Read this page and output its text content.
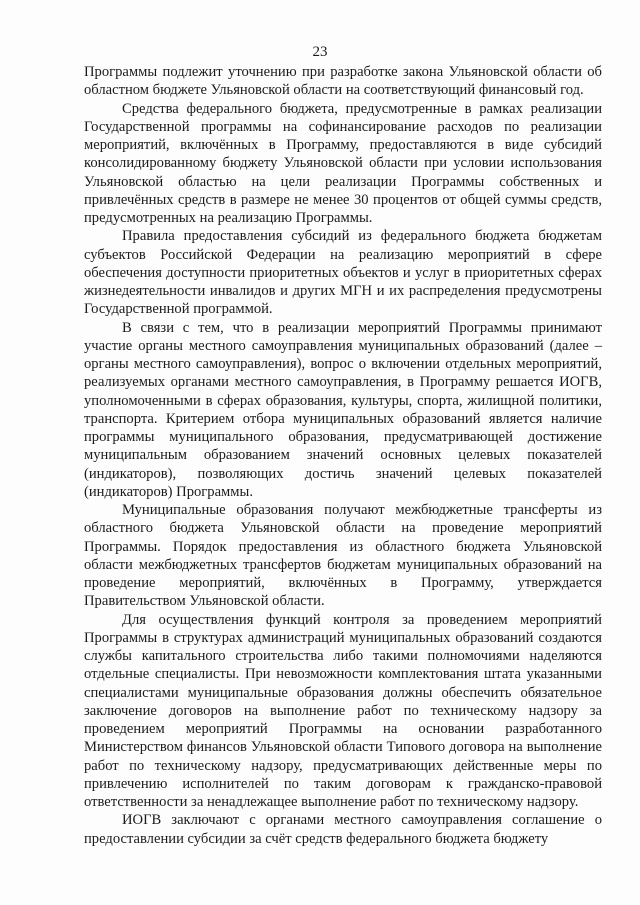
23

Программы подлежит уточнению при разработке закона Ульяновской области об областном бюджете Ульяновской области на соответствующий финансовый год.

Средства федерального бюджета, предусмотренные в рамках реализации Государственной программы на софинансирование расходов по реализации мероприятий, включённых в Программу, предоставляются в виде субсидий консолидированному бюджету Ульяновской области при условии использования Ульяновской областью на цели реализации Программы собственных и привлечённых средств в размере не менее 30 процентов от общей суммы средств, предусмотренных на реализацию Программы.

Правила предоставления субсидий из федерального бюджета бюджетам субъектов Российской Федерации на реализацию мероприятий в сфере обеспечения доступности приоритетных объектов и услуг в приоритетных сферах жизнедеятельности инвалидов и других МГН и их распределения предусмотрены Государственной программой.

В связи с тем, что в реализации мероприятий Программы принимают участие органы местного самоуправления муниципальных образований (далее – органы местного самоуправления), вопрос о включении отдельных мероприятий, реализуемых органами местного самоуправления, в Программу решается ИОГВ, уполномоченными в сферах образования, культуры, спорта, жилищной политики, транспорта. Критерием отбора муниципальных образований является наличие программы муниципального образования, предусматривающей достижение муниципальным образованием значений основных целевых показателей (индикаторов), позволяющих достичь значений целевых показателей (индикаторов) Программы.

Муниципальные образования получают межбюджетные трансферты из областного бюджета Ульяновской области на проведение мероприятий Программы. Порядок предоставления из областного бюджета Ульяновской области межбюджетных трансфертов бюджетам муниципальных образований на проведение мероприятий, включённых в Программу, утверждается Правительством Ульяновской области.

Для осуществления функций контроля за проведением мероприятий Программы в структурах администраций муниципальных образований создаются службы капитального строительства либо такими полномочиями наделяются отдельные специалисты. При невозможности комплектования штата указанными специалистами муниципальные образования должны обеспечить обязательное заключение договоров на выполнение работ по техническому надзору за проведением мероприятий Программы на основании разработанного Министерством финансов Ульяновской области Типового договора на выполнение работ по техническому надзору, предусматривающих действенные меры по привлечению исполнителей по таким договорам к гражданско-правовой ответственности за ненадлежащее выполнение работ по техническому надзору.

ИОГВ заключают с органами местного самоуправления соглашение о предоставлении субсидии за счёт средств федерального бюджета бюджету
